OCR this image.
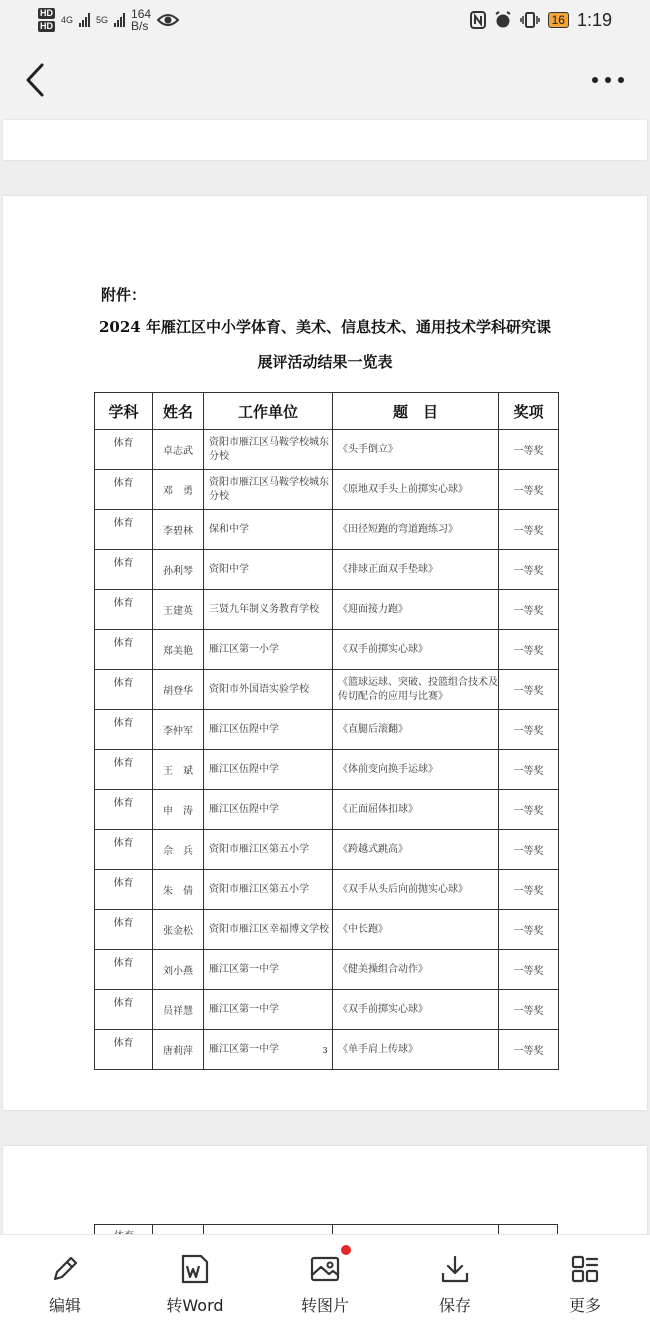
HD
HD
4G	5G 164
B/s	16 1:19
附件：
2024 年雁江区中小学体育、美术、信息技术、通用技术学科研究课
展评活动结果一览表
学科	姓名	工作单位	题　目	奖项
体育	卓志武	资阳市雁江区马鞍学校城东分校	《头手倒立》	一等奖
体育	邓　勇	资阳市雁江区马鞍学校城东分校	《原地双手头上前掷实心球》	一等奖
体育	李碧林	保和中学	《田径短跑的弯道跑练习》	一等奖
体育	孙利琴	资阳中学	《排球正面双手垫球》	一等奖
体育	王建英	三贤九年制义务教育学校	《迎面接力跑》	一等奖
体育	郑美艳	雁江区第一小学	《双手前掷实心球》	一等奖
体育	胡登华	资阳市外国语实验学校	《篮球运球、突破、投篮组合技术及传切配合的应用与比赛》	一等奖
体育	李仲军	雁江区伍隍中学	《直腿后滚翻》	一等奖
体育	王　斌	雁江区伍隍中学	《体前变向换手运球》	一等奖
体育	申　涛	雁江区伍隍中学	《正面屈体扣球》	一等奖
体育	佘　兵	资阳市雁江区第五小学	《跨越式跳高》	一等奖
体育	朱　倩	资阳市雁江区第五小学	《双手从头后向前抛实心球》	一等奖
体育	张金松	资阳市雁江区幸福博文学校	《中长跑》	一等奖
体育	刘小燕	雁江区第一中学	《健美操组合动作》	一等奖
体育	员祥慧	雁江区第一中学	《双手前掷实心球》	一等奖
体育	唐莉萍	雁江区第一中学	《单手肩上传球》	一等奖
3
编辑	转Word	转图片	保存	更多
